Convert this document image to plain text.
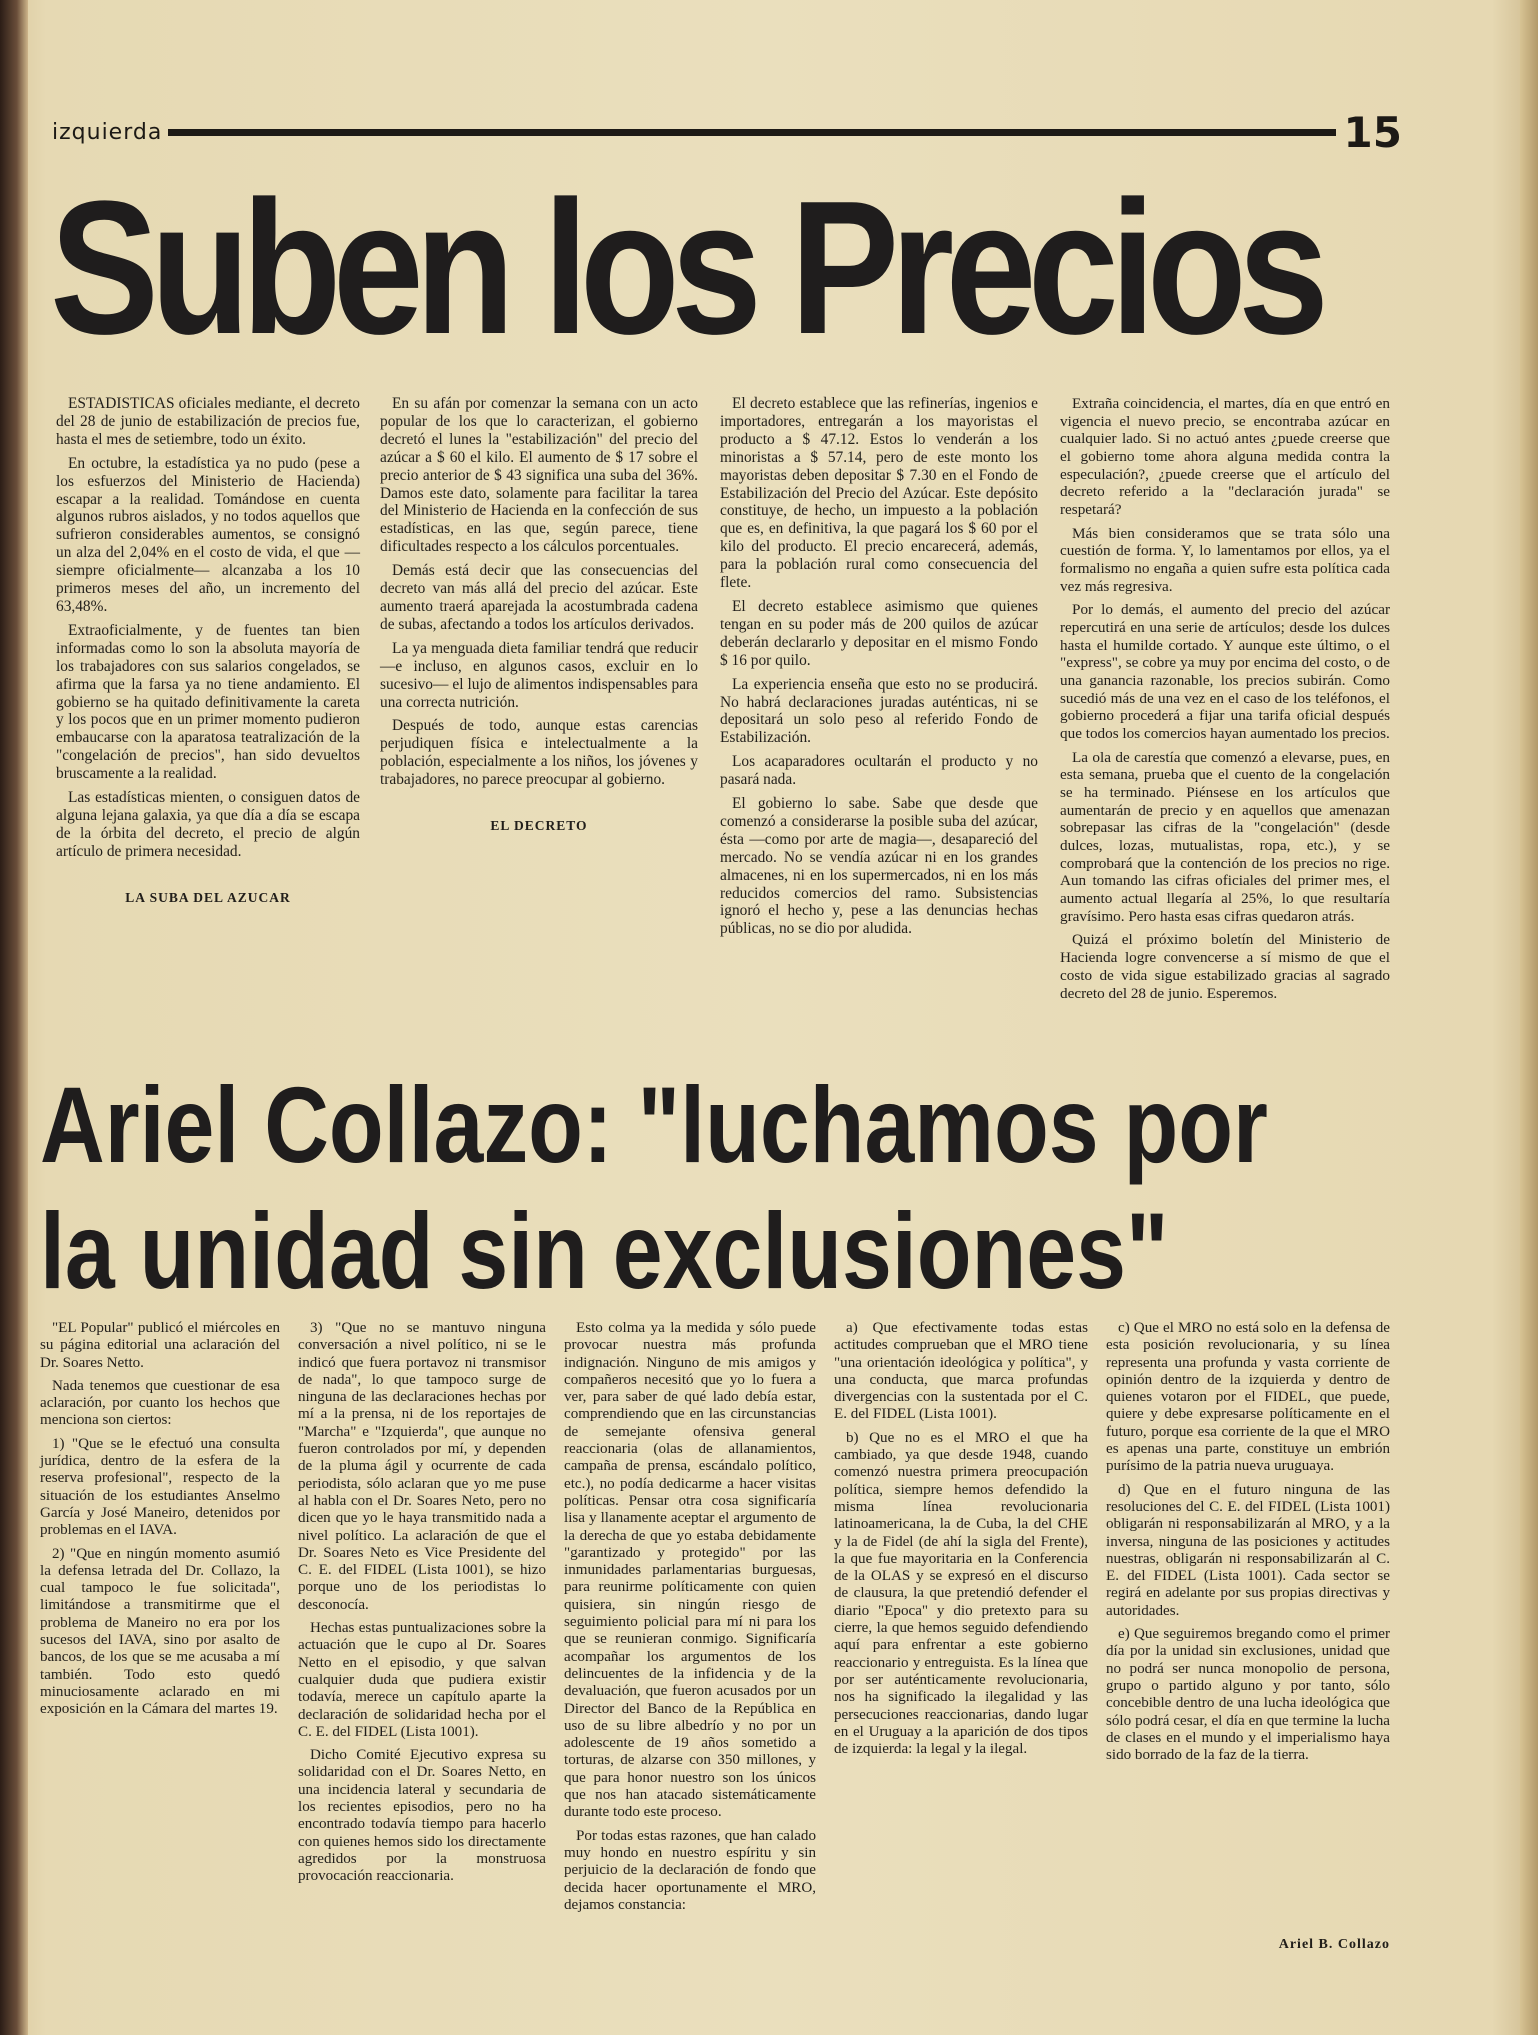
izquierda	15
Suben los Precios

ESTADISTICAS oficiales mediante, el decreto del 28 de junio de estabilización de precios fue, hasta el mes de setiembre, todo un éxito.

En octubre, la estadística ya no pudo (pese a los esfuerzos del Ministerio de Hacienda) escapar a la realidad. Tomándose en cuenta algunos rubros aislados, y no todos aquellos que sufrieron considerables aumentos, se consignó un alza del 2,04% en el costo de vida, el que —siempre oficialmente— alcanzaba a los 10 primeros meses del año, un incremento del 63,48%.

Extraoficialmente, y de fuentes tan bien informadas como lo son la absoluta mayoría de los trabajadores con sus salarios congelados, se afirma que la farsa ya no tiene andamiento. El gobierno se ha quitado definitivamente la careta y los pocos que en un primer momento pudieron embaucarse con la aparatosa teatralización de la "congelación de precios", han sido devueltos bruscamente a la realidad.

Las estadísticas mienten, o consiguen datos de alguna lejana galaxia, ya que día a día se escapa de la órbita del decreto, el precio de algún artículo de primera necesidad.

LA SUBA DEL AZUCAR

En su afán por comenzar la semana con un acto popular de los que lo caracterizan, el gobierno decretó el lunes la "estabilización" del precio del azúcar a $ 60 el kilo. El aumento de $ 17 sobre el precio anterior de $ 43 significa una suba del 36%. Damos este dato, solamente para facilitar la tarea del Ministerio de Hacienda en la confección de sus estadísticas, en las que, según parece, tiene dificultades respecto a los cálculos porcentuales.

Demás está decir que las consecuencias del decreto van más allá del precio del azúcar. Este aumento traerá aparejada la acostumbrada cadena de subas, afectando a todos los artículos derivados.

La ya menguada dieta familiar tendrá que reducir —e incluso, en algunos casos, excluir en lo sucesivo— el lujo de alimentos indispensables para una correcta nutrición.

Después de todo, aunque estas carencias perjudiquen física e intelectualmente a la población, especialmente a los niños, los jóvenes y trabajadores, no parece preocupar al gobierno.

EL DECRETO

El decreto establece que las refinerías, ingenios e importadores, entregarán a los mayoristas el producto a $ 47.12. Estos lo venderán a los minoristas a $ 57.14, pero de este monto los mayoristas deben depositar $ 7.30 en el Fondo de Estabilización del Precio del Azúcar. Este depósito constituye, de hecho, un impuesto a la población que es, en definitiva, la que pagará los $ 60 por el kilo del producto. El precio encarecerá, además, para la población rural como consecuencia del flete.

El decreto establece asimismo que quienes tengan en su poder más de 200 quilos de azúcar deberán declararlo y depositar en el mismo Fondo $ 16 por quilo.

La experiencia enseña que esto no se producirá. No habrá declaraciones juradas auténticas, ni se depositará un solo peso al referido Fondo de Estabilización.

Los acaparadores ocultarán el producto y no pasará nada.

El gobierno lo sabe. Sabe que desde que comenzó a considerarse la posible suba del azúcar, ésta —como por arte de magia—, desapareció del mercado. No se vendía azúcar ni en los grandes almacenes, ni en los supermercados, ni en los más reducidos comercios del ramo. Subsistencias ignoró el hecho y, pese a las denuncias hechas públicas, no se dio por aludida.

Extraña coincidencia, el martes, día en que entró en vigencia el nuevo precio, se encontraba azúcar en cualquier lado. Si no actuó antes ¿puede creerse que el gobierno tome ahora alguna medida contra la especulación?, ¿puede creerse que el artículo del decreto referido a la "declaración jurada" se respetará?

Más bien consideramos que se trata sólo una cuestión de forma. Y, lo lamentamos por ellos, ya el formalismo no engaña a quien sufre esta política cada vez más regresiva.

Por lo demás, el aumento del precio del azúcar repercutirá en una serie de artículos; desde los dulces hasta el humilde cortado. Y aunque este último, o el "express", se cobre ya muy por encima del costo, o de una ganancia razonable, los precios subirán. Como sucedió más de una vez en el caso de los teléfonos, el gobierno procederá a fijar una tarifa oficial después que todos los comercios hayan aumentado los precios.

La ola de carestía que comenzó a elevarse, pues, en esta semana, prueba que el cuento de la congelación se ha terminado. Piénsese en los artículos que aumentarán de precio y en aquellos que amenazan sobrepasar las cifras de la "congelación" (desde dulces, lozas, mutualistas, ropa, etc.), y se comprobará que la contención de los precios no rige. Aun tomando las cifras oficiales del primer mes, el aumento actual llegaría al 25%, lo que resultaría gravísimo. Pero hasta esas cifras quedaron atrás.

Quizá el próximo boletín del Ministerio de Hacienda logre convencerse a sí mismo de que el costo de vida sigue estabilizado gracias al sagrado decreto del 28 de junio. Esperemos.

Ariel Collazo: "luchamos por
la unidad sin exclusiones"

"EL Popular" publicó el miércoles en su página editorial una aclaración del Dr. Soares Netto.

Nada tenemos que cuestionar de esa aclaración, por cuanto los hechos que menciona son ciertos:

1) "Que se le efectuó una consulta jurídica, dentro de la esfera de la reserva profesional", respecto de la situación de los estudiantes Anselmo García y José Maneiro, detenidos por problemas en el IAVA.

2) "Que en ningún momento asumió la defensa letrada del Dr. Collazo, la cual tampoco le fue solicitada", limitándose a transmitirme que el problema de Maneiro no era por los sucesos del IAVA, sino por asalto de bancos, de los que se me acusaba a mí también. Todo esto quedó minuciosamente aclarado en mi exposición en la Cámara del martes 19.

3) "Que no se mantuvo ninguna conversación a nivel político, ni se le indicó que fuera portavoz ni transmisor de nada", lo que tampoco surge de ninguna de las declaraciones hechas por mí a la prensa, ni de los reportajes de "Marcha" e "Izquierda", que aunque no fueron controlados por mí, y dependen de la pluma ágil y ocurrente de cada periodista, sólo aclaran que yo me puse al habla con el Dr. Soares Neto, pero no dicen que yo le haya transmitido nada a nivel político. La aclaración de que el Dr. Soares Neto es Vice Presidente del C. E. del FIDEL (Lista 1001), se hizo porque uno de los periodistas lo desconocía.

Hechas estas puntualizaciones sobre la actuación que le cupo al Dr. Soares Netto en el episodio, y que salvan cualquier duda que pudiera existir todavía, merece un capítulo aparte la declaración de solidaridad hecha por el C. E. del FIDEL (Lista 1001).

Dicho Comité Ejecutivo expresa su solidaridad con el Dr. Soares Netto, en una incidencia lateral y secundaria de los recientes episodios, pero no ha encontrado todavía tiempo para hacerlo con quienes hemos sido los directamente agredidos por la monstruosa provocación reaccionaria.

Esto colma ya la medida y sólo puede provocar nuestra más profunda indignación. Ninguno de mis amigos y compañeros necesitó que yo lo fuera a ver, para saber de qué lado debía estar, comprendiendo que en las circunstancias de semejante ofensiva general reaccionaria (olas de allanamientos, campaña de prensa, escándalo político, etc.), no podía dedicarme a hacer visitas políticas. Pensar otra cosa significaría lisa y llanamente aceptar el argumento de la derecha de que yo estaba debidamente "garantizado y protegido" por las inmunidades parlamentarias burguesas, para reunirme políticamente con quien quisiera, sin ningún riesgo de seguimiento policial para mí ni para los que se reunieran conmigo. Significaría acompañar los argumentos de los delincuentes de la infidencia y de la devaluación, que fueron acusados por un Director del Banco de la República en uso de su libre albedrío y no por un adolescente de 19 años sometido a torturas, de alzarse con 350 millones, y que para honor nuestro son los únicos que nos han atacado sistemáticamente durante todo este proceso.

Por todas estas razones, que han calado muy hondo en nuestro espíritu y sin perjuicio de la declaración de fondo que decida hacer oportunamente el MRO, dejamos constancia:

a) Que efectivamente todas estas actitudes comprueban que el MRO tiene "una orientación ideológica y política", y una conducta, que marca profundas divergencias con la sustentada por el C. E. del FIDEL (Lista 1001).

b) Que no es el MRO el que ha cambiado, ya que desde 1948, cuando comenzó nuestra primera preocupación política, siempre hemos defendido la misma línea revolucionaria latinoamericana, la de Cuba, la del CHE y la de Fidel (de ahí la sigla del Frente), la que fue mayoritaria en la Conferencia de la OLAS y se expresó en el discurso de clausura, la que pretendió defender el diario "Epoca" y dio pretexto para su cierre, la que hemos seguido defendiendo aquí para enfrentar a este gobierno reaccionario y entreguista. Es la línea que por ser auténticamente revolucionaria, nos ha significado la ilegalidad y las persecuciones reaccionarias, dando lugar en el Uruguay a la aparición de dos tipos de izquierda: la legal y la ilegal.

c) Que el MRO no está solo en la defensa de esta posición revolucionaria, y su línea representa una profunda y vasta corriente de opinión dentro de la izquierda y dentro de quienes votaron por el FIDEL, que puede, quiere y debe expresarse políticamente en el futuro, porque esa corriente de la que el MRO es apenas una parte, constituye un embrión purísimo de la patria nueva uruguaya.

d) Que en el futuro ninguna de las resoluciones del C. E. del FIDEL (Lista 1001) obligarán ni responsabilizarán al MRO, y a la inversa, ninguna de las posiciones y actitudes nuestras, obligarán ni responsabilizarán al C. E. del FIDEL (Lista 1001). Cada sector se regirá en adelante por sus propias directivas y autoridades.

e) Que seguiremos bregando como el primer día por la unidad sin exclusiones, unidad que no podrá ser nunca monopolio de persona, grupo o partido alguno y por tanto, sólo concebible dentro de una lucha ideológica que sólo podrá cesar, el día en que termine la lucha de clases en el mundo y el imperialismo haya sido borrado de la faz de la tierra.

Ariel B. Collazo
